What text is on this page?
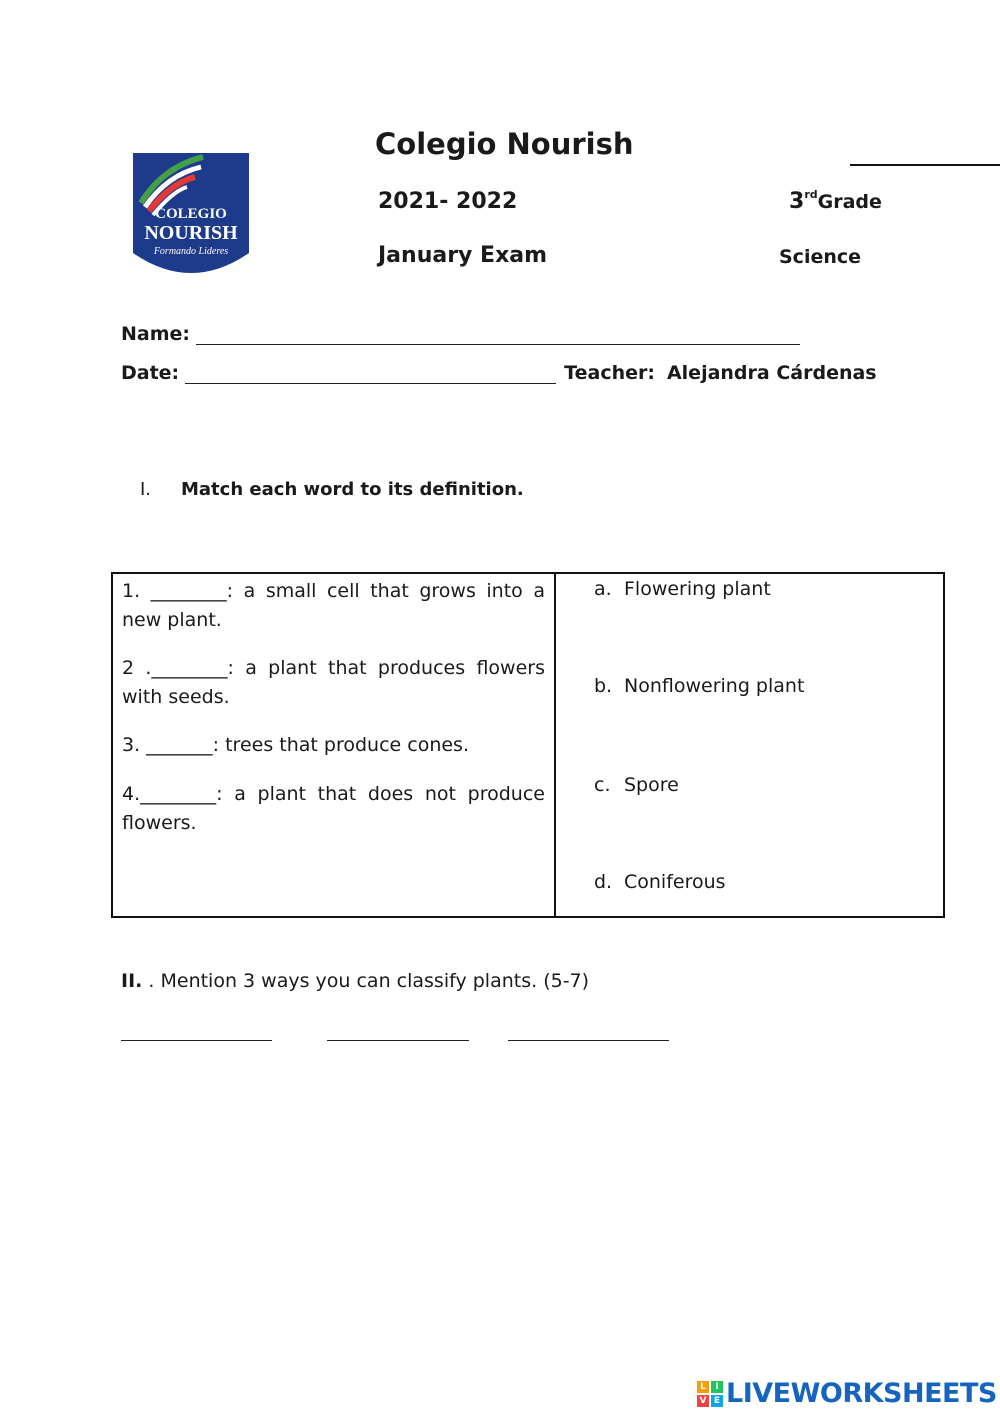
COLEGIO
NOURISH
Formando Lideres
Colegio Nourish
2021- 2022
January Exam
3rdGrade
Science
Name:
Date:	Teacher: Alejandra Cárdenas
I.	Match each word to its definition.

1. ________: a small cell that grows into a new plant.

2 .________: a plant that produces flowers with seeds.

3. _______: trees that produce cones.

4.________: a plant that does not produce flowers.

a. Flowering plant
b. Nonflowering plant
c. Spore
d. Coniferous
II. . Mention 3 ways you can classify plants. (5-7)
L	I
V E LIVEWORKSHEETS
